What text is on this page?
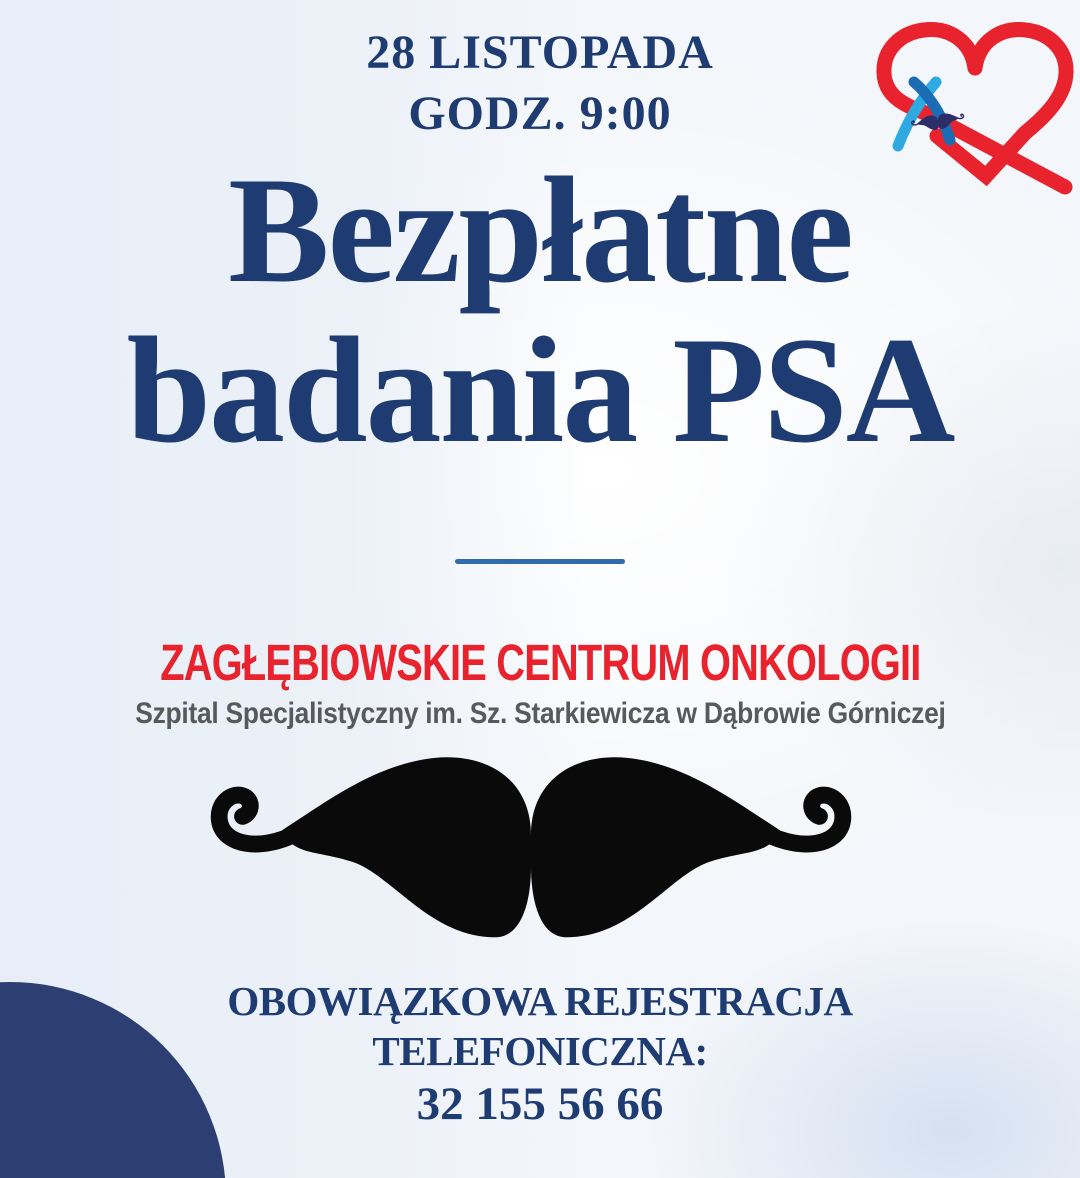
28 LISTOPADA
GODZ. 9:00
Bezpłatne
badania PSA
ZAGŁĘBIOWSKIE CENTRUM ONKOLOGII
Szpital Specjalistyczny im. Sz. Starkiewicza w Dąbrowie Górniczej
OBOWIĄZKOWA REJESTRACJA
TELEFONICZNA:
32 155 56 66
